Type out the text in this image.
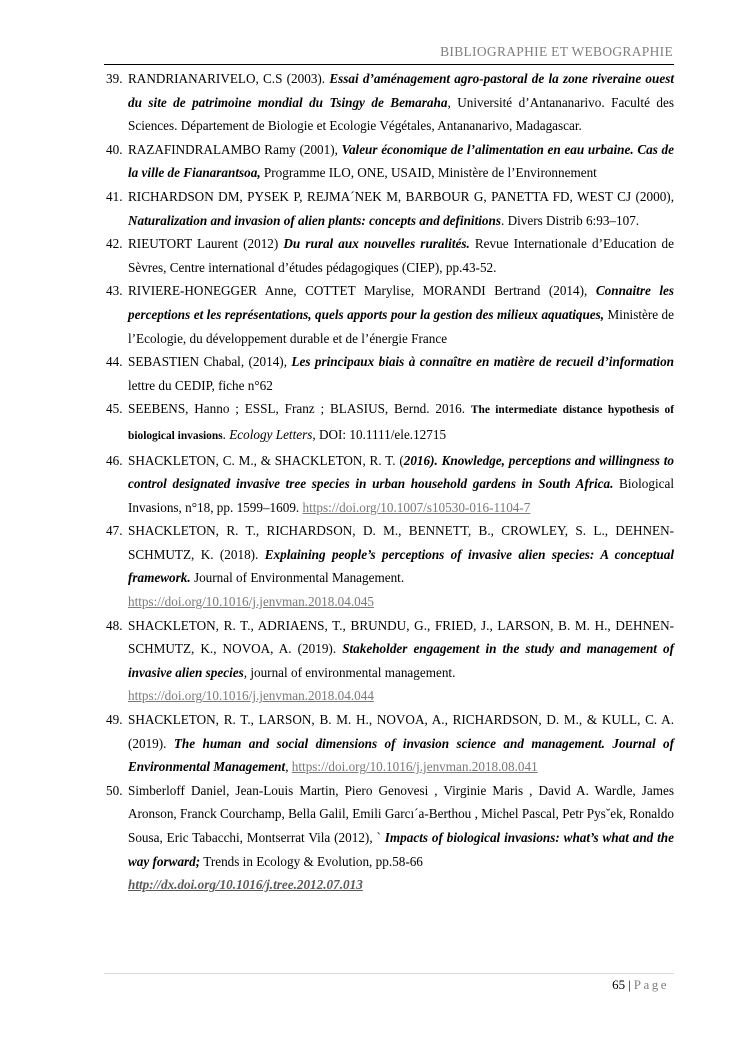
BIBLIOGRAPHIE ET WEBOGRAPHIE
39. RANDRIANARIVELO, C.S (2003). Essai d’aménagement agro-pastoral de la zone riveraine ouest du site de patrimoine mondial du Tsingy de Bemaraha, Université d’Antananarivo. Faculté des Sciences. Département de Biologie et Ecologie Végétales, Antananarivo, Madagascar.
40. RAZAFINDRALAMBO Ramy (2001), Valeur économique de l’alimentation en eau urbaine. Cas de la ville de Fianarantsoa, Programme ILO, ONE, USAID, Ministère de l’Environnement
41. RICHARDSON DM, PYSEK P, REJMA´NEK M, BARBOUR G, PANETTA FD, WEST CJ (2000), Naturalization and invasion of alien plants: concepts and definitions. Divers Distrib 6:93–107.
42. RIEUTORT Laurent (2012) Du rural aux nouvelles ruralités. Revue Internationale d’Education de Sèvres, Centre international d’études pédagogiques (CIEP), pp.43-52.
43. RIVIERE-HONEGGER Anne, COTTET Marylise, MORANDI Bertrand (2014), Connaitre les perceptions et les représentations, quels apports pour la gestion des milieux aquatiques, Ministère de l’Ecologie, du développement durable et de l’énergie France
44. SEBASTIEN Chabal, (2014), Les principaux biais à connaître en matière de recueil d’information lettre du CEDIP, fiche n°62
45. SEEBENS, Hanno ; ESSL, Franz ; BLASIUS, Bernd. 2016. The intermediate distance hypothesis of biological invasions. Ecology Letters, DOI: 10.1111/ele.12715
46. SHACKLETON, C. M., & SHACKLETON, R. T. (2016). Knowledge, perceptions and willingness to control designated invasive tree species in urban household gardens in South Africa. Biological Invasions, n°18, pp. 1599–1609. https://doi.org/10.1007/s10530-016-1104-7
47. SHACKLETON, R. T., RICHARDSON, D. M., BENNETT, B., CROWLEY, S. L., DEHNEN-SCHMUTZ, K. (2018). Explaining people’s perceptions of invasive alien species: A conceptual framework. Journal of Environmental Management.
https://doi.org/10.1016/j.jenvman.2018.04.045
48. SHACKLETON, R. T., ADRIAENS, T., BRUNDU, G., FRIED, J., LARSON, B. M. H., DEHNEN-SCHMUTZ, K., NOVOA, A. (2019). Stakeholder engagement in the study and management of invasive alien species, journal of environmental management.
https://doi.org/10.1016/j.jenvman.2018.04.044
49. SHACKLETON, R. T., LARSON, B. M. H., NOVOA, A., RICHARDSON, D. M., & KULL, C. A. (2019). The human and social dimensions of invasion science and management. Journal of Environmental Management, https://doi.org/10.1016/j.jenvman.2018.08.041
50. Simberloff Daniel, Jean-Louis Martin, Piero Genovesi , Virginie Maris , David A. Wardle, James Aronson, Franck Courchamp, Bella Galil, Emili Garcı´a-Berthou , Michel Pascal, Petr Pysˇek, Ronaldo Sousa, Eric Tabacchi, Montserrat Vila (2012), ` Impacts of biological invasions: what’s what and the way forward; Trends in Ecology & Evolution, pp.58-66
http://dx.doi.org/10.1016/j.tree.2012.07.013
65 | Page
